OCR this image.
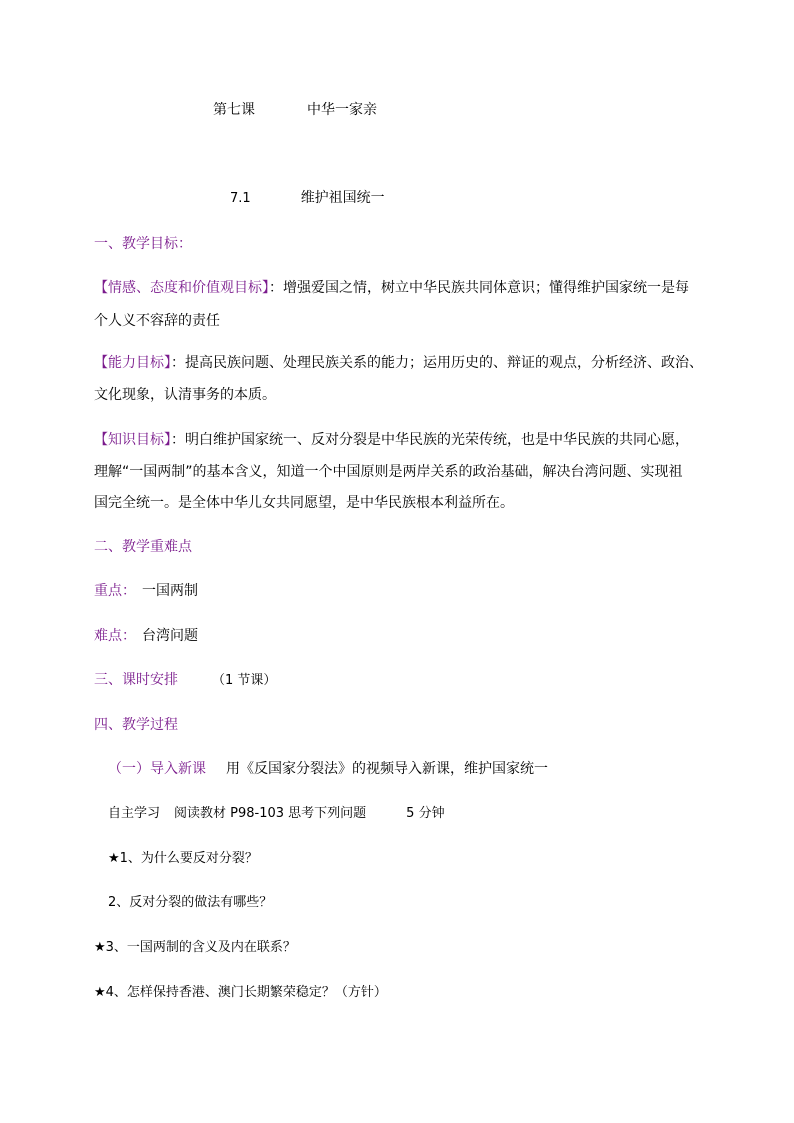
第七课	中华一家亲
7.1	维护祖国统一
一、教学目标：
【情感、态度和价值观目标】：增强爱国之情，树立中华民族共同体意识；懂得维护国家统一是每
个人义不容辞的责任
【能力目标】：提高民族问题、处理民族关系的能力；运用历史的、辩证的观点，分析经济、政治、
文化现象，认清事务的本质。
【知识目标】：明白维护国家统一、反对分裂是中华民族的光荣传统，也是中华民族的共同心愿，
理解“一国两制”的基本含义，知道一个中国原则是两岸关系的政治基础，解决台湾问题、实现祖
国完全统一。是全体中华儿女共同愿望，是中华民族根本利益所在。
二、教学重难点
重点： 一国两制
难点： 台湾问题
三、课时安排	（1 节课）
四、教学过程
（一）导入新课 用《反国家分裂法》的视频导入新课，维护国家统一
自主学习 阅读教材 P98-103 思考下列问题	5 分钟
★1、为什么要反对分裂？
2、反对分裂的做法有哪些？
★3、一国两制的含义及内在联系？
★4、怎样保持香港、澳门长期繁荣稳定？（方针）
